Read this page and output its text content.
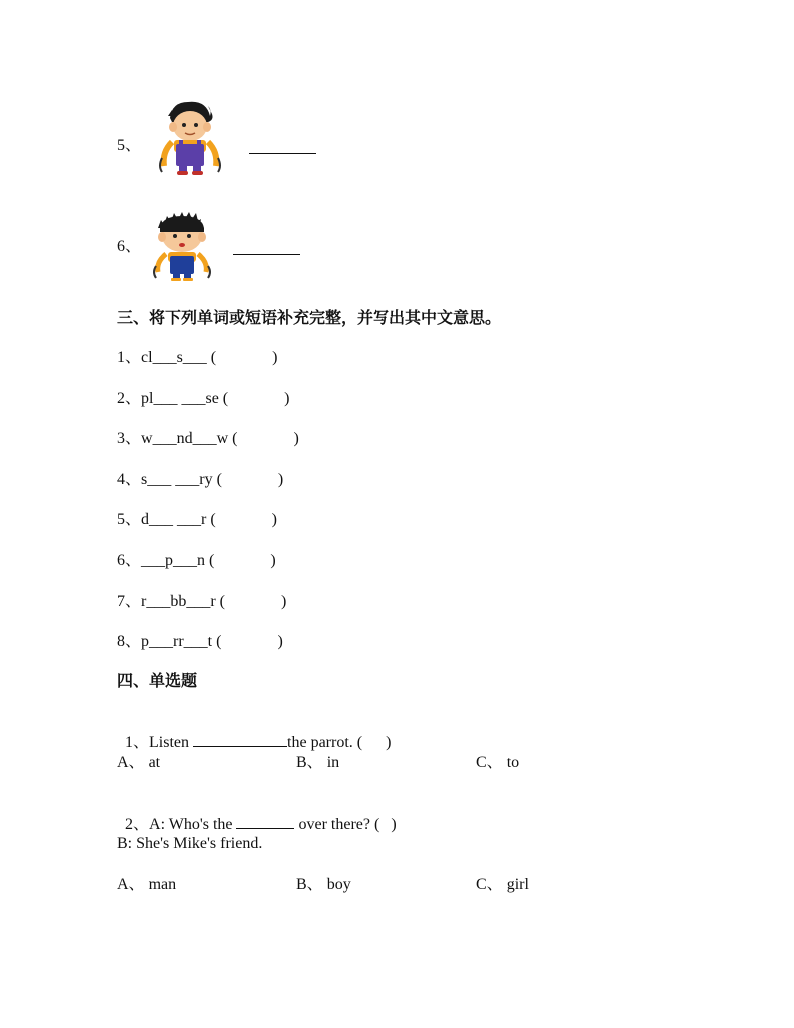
5、
6、
三、将下列单词或短语补充完整，并写出其中文意思。
1、cl___s___ (	)
2、pl___ ___se (	)
3、w___nd___w (	)
4、s___ ___ry (	)
5、d___ ___r (	)
6、___p___n (	)
7、r___bb___r (	)
8、p___rr___t (	)
四、单选题

1、Listen	the parrot. (      )

A、 at	B、 in	C、 to

2、A: Who's the	over there? (   )

B: She's Mike's friend.
A、 man	B、 boy	C、 girl
